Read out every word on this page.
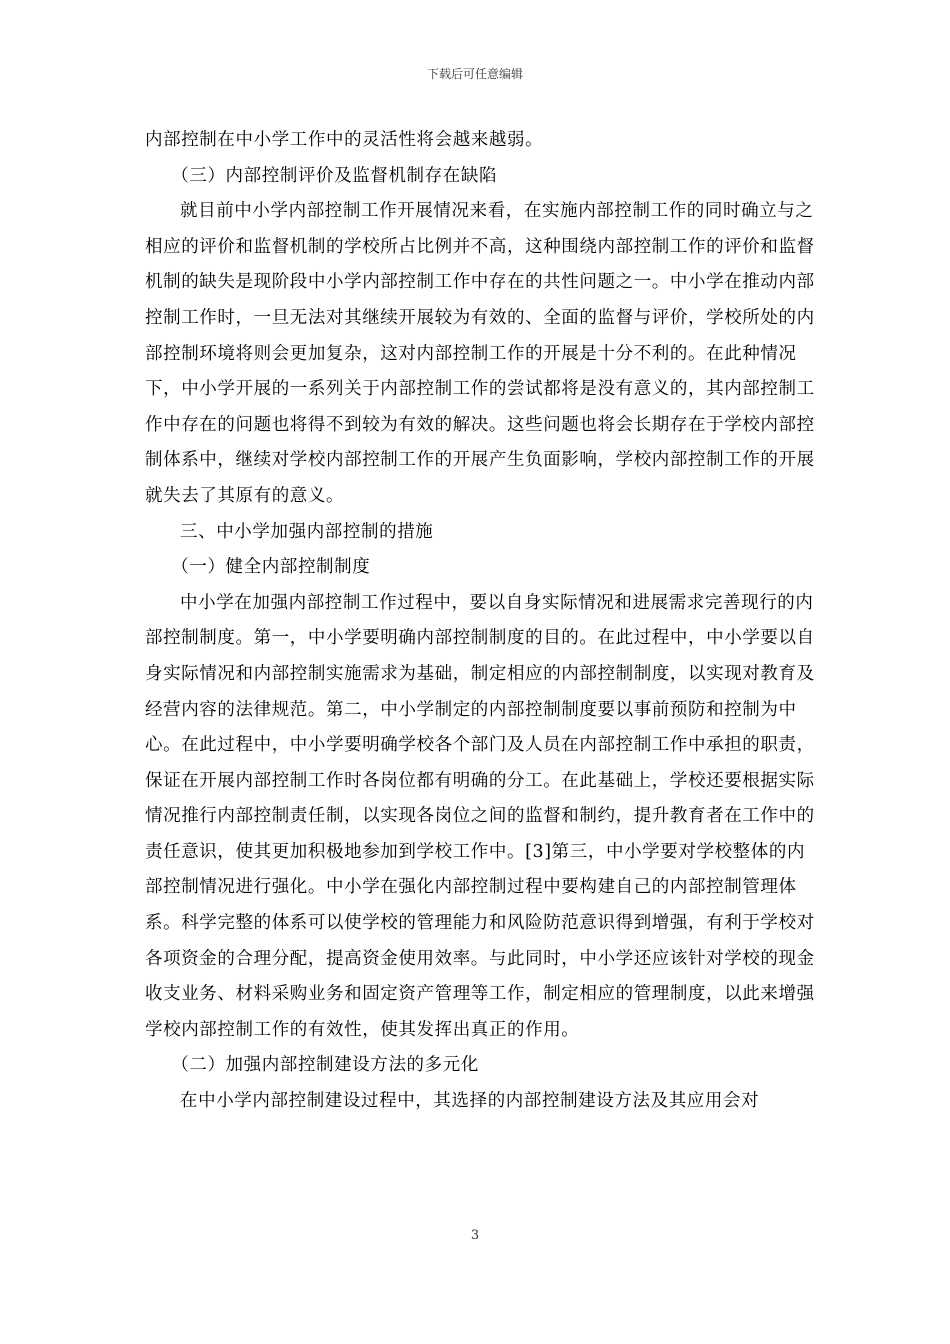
下载后可任意编辑

内部控制在中小学工作中的灵活性将会越来越弱。

（三）内部控制评价及监督机制存在缺陷

就目前中小学内部控制工作开展情况来看，在实施内部控制工作的同时确立与之相应的评价和监督机制的学校所占比例并不高，这种围绕内部控制工作的评价和监督机制的缺失是现阶段中小学内部控制工作中存在的共性问题之一。中小学在推动内部控制工作时，一旦无法对其继续开展较为有效的、全面的监督与评价，学校所处的内部控制环境将则会更加复杂，这对内部控制工作的开展是十分不利的。在此种情况下，中小学开展的一系列关于内部控制工作的尝试都将是没有意义的，其内部控制工作中存在的问题也将得不到较为有效的解决。这些问题也将会长期存在于学校内部控制体系中，继续对学校内部控制工作的开展产生负面影响，学校内部控制工作的开展就失去了其原有的意义。

三、中小学加强内部控制的措施

（一）健全内部控制制度

中小学在加强内部控制工作过程中，要以自身实际情况和进展需求完善现行的内部控制制度。第一，中小学要明确内部控制制度的目的。在此过程中，中小学要以自身实际情况和内部控制实施需求为基础，制定相应的内部控制制度，以实现对教育及经营内容的法律规范。第二，中小学制定的内部控制制度要以事前预防和控制为中心。在此过程中，中小学要明确学校各个部门及人员在内部控制工作中承担的职责，保证在开展内部控制工作时各岗位都有明确的分工。在此基础上，学校还要根据实际情况推行内部控制责任制，以实现各岗位之间的监督和制约，提升教育者在工作中的责任意识，使其更加积极地参加到学校工作中。[3]第三，中小学要对学校整体的内部控制情况进行强化。中小学在强化内部控制过程中要构建自己的内部控制管理体系。科学完整的体系可以使学校的管理能力和风险防范意识得到增强，有利于学校对各项资金的合理分配，提高资金使用效率。与此同时，中小学还应该针对学校的现金收支业务、材料采购业务和固定资产管理等工作，制定相应的管理制度，以此来增强学校内部控制工作的有效性，使其发挥出真正的作用。

（二）加强内部控制建设方法的多元化

在中小学内部控制建设过程中，其选择的内部控制建设方法及其应用会对

3
